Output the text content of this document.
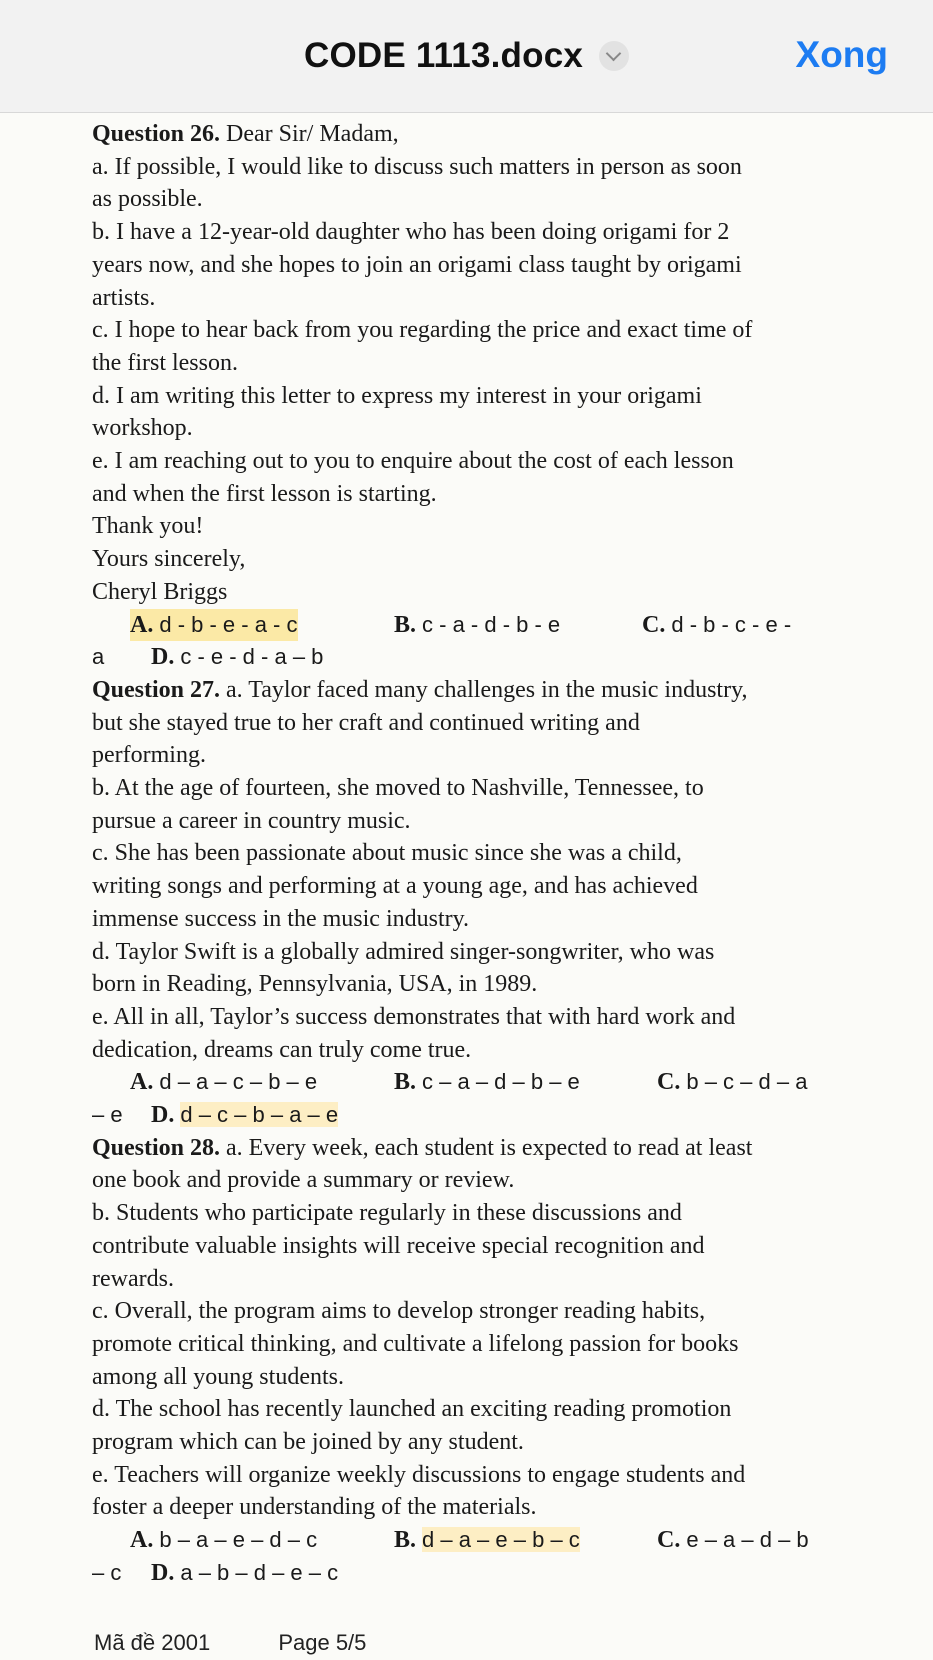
CODE 1113.docx	Xong

Question 26. Dear Sir/ Madam,

a. If possible, I would like to discuss such matters in person as soon

as possible.

b. I have a 12-year-old daughter who has been doing origami for 2

years now, and she hopes to join an origami class taught by origami

artists.

c. I hope to hear back from you regarding the price and exact time of

the first lesson.

d. I am writing this letter to express my interest in your origami

workshop.

e. I am reaching out to you to enquire about the cost of each lesson

and when the first lesson is starting.

Thank you!

Yours sincerely,

Cheryl Briggs

A. d - b - e - a - c	B. c - a - d - b - e	C. d - b - c - e -
a D. c - e - d - a – b

Question 27. a. Taylor faced many challenges in the music industry,

but she stayed true to her craft and continued writing and

performing.

b. At the age of fourteen, she moved to Nashville, Tennessee, to

pursue a career in country music.

c. She has been passionate about music since she was a child,

writing songs and performing at a young age, and has achieved

immense success in the music industry.

d. Taylor Swift is a globally admired singer-songwriter, who was

born in Reading, Pennsylvania, USA, in 1989.

e. All in all, Taylor’s success demonstrates that with hard work and

dedication, dreams can truly come true.

A. d – a – c – b – e	B. c – a – d – b – e	C. b – c – d – a
– e D. d – c – b – a – e

Question 28. a. Every week, each student is expected to read at least

one book and provide a summary or review.

b. Students who participate regularly in these discussions and

contribute valuable insights will receive special recognition and

rewards.

c. Overall, the program aims to develop stronger reading habits,

promote critical thinking, and cultivate a lifelong passion for books

among all young students.

d. The school has recently launched an exciting reading promotion

program which can be joined by any student.

e. Teachers will organize weekly discussions to engage students and

foster a deeper understanding of the materials.

A. b – a – e – d – c	B. d – a – e – b – c	C. e – a – d – b
– c D. a – b – d – e – c
Mã đề 2001	Page 5/5
